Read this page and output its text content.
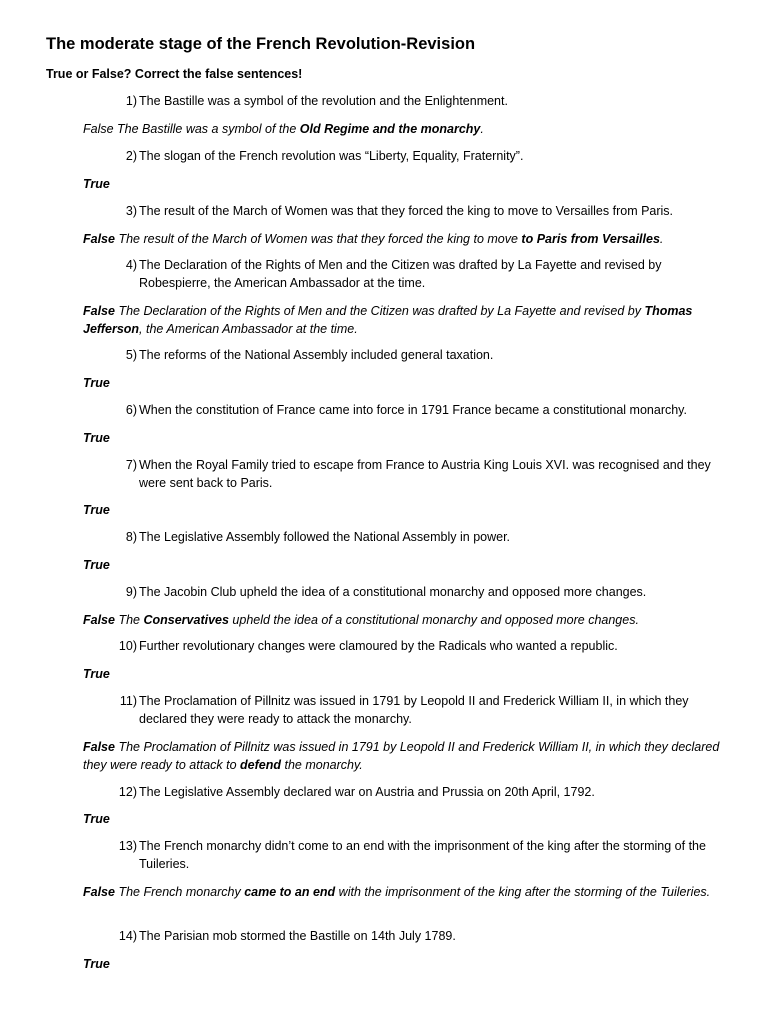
The moderate stage of the French Revolution-Revision
True or False? Correct the false sentences!
1) The Bastille was a symbol of the revolution and the Enlightenment.
False The Bastille was a symbol of the Old Regime and the monarchy.
2) The slogan of the French revolution was “Liberty, Equality, Fraternity”.
True
3) The result of the March of Women was that they forced the king to move to Versailles from Paris.
False The result of the March of Women was that they forced the king to move to Paris from Versailles.
4) The Declaration of the Rights of Men and the Citizen was drafted by La Fayette and revised by Robespierre, the American Ambassador at the time.
False The Declaration of the Rights of Men and the Citizen was drafted by La Fayette and revised by Thomas Jefferson, the American Ambassador at the time.
5) The reforms of the National Assembly included general taxation.
True
6) When the constitution of France came into force in 1791 France became a constitutional monarchy.
True
7) When the Royal Family tried to escape from France to Austria King Louis XVI. was recognised and they were sent back to Paris.
True
8) The Legislative Assembly followed the National Assembly in power.
True
9) The Jacobin Club upheld the idea of a constitutional monarchy and opposed more changes.
False The Conservatives upheld the idea of a constitutional monarchy and opposed more changes.
10) Further revolutionary changes were clamoured by the Radicals who wanted a republic.
True
11) The Proclamation of Pillnitz was issued in 1791 by Leopold II and Frederick William II, in which they declared they were ready to attack the monarchy.
False The Proclamation of Pillnitz was issued in 1791 by Leopold II and Frederick William II, in which they declared they were ready to attack to defend the monarchy.
12) The Legislative Assembly declared war on Austria and Prussia on 20th April, 1792.
True
13) The French monarchy didn’t come to an end with the imprisonment of the king after the storming of the Tuileries.
False The French monarchy came to an end with the imprisonment of the king after the storming of the Tuileries.
14) The Parisian mob stormed the Bastille on 14th July 1789.
True
